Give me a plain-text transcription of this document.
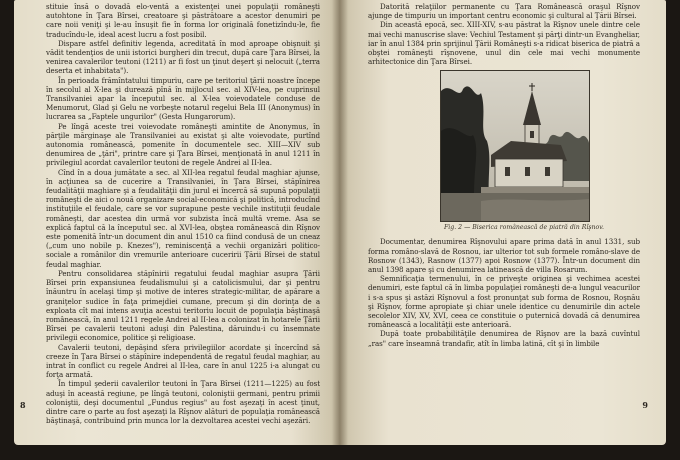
stituie însă o dovadă elo-ventă a existenţei unei populaţii româneşti autohtone în Ţara Bîrsei, creatoare şi păstrătoare a acestor denumiri pe care noii veniţi şi le-au însuşit fie în forma lor originală fonetizîndu-le, fie traducîndu-le, ideal acest lucru a fost posibil.

Dispare astfel definitiv legenda, acreditată în mod aproape obişnuit şi vădit tendenţios de unii istorici burgheri din trecut, după care Ţara Bîrsei, la venirea cavalerilor teutoni (1211) ar fi fost un ţinut deşert şi nelocuit („terra deserta et inhabitata").

În perioada frămîntatului timpuriu, care pe teritoriul ţării noastre începe în secolul al X-lea şi durează pînă în mijlocul sec. al XIV-lea, pe cuprinsul Transilvaniei apar la începutul sec. al X-lea voievodatele conduse de Menumorut, Glad şi Gelu ne vorbeşte notarul regelui Bela III (Anonymus) în lucrarea sa „Faptele ungurilor" (Gesta Hungarorum).

Pe lîngă aceste trei voievodate româneşti amintite de Anonymus, în părţile mărginaşe ale Transilvaniei au existat şi alte voievodate, purtînd autonomia românească, pomenite în documentele sec. XIII—XIV sub denumirea de „ţări", printre care şi Ţara Bîrsei, menţionată în anul 1211 în privilegiul acordat cavalerilor teutoni de regele Andrei al II-lea.

Cînd în a doua jumătate a sec. al XII-lea regatul feudal maghiar ajunse, în acţiunea sa de cucerire a Transilvaniei, în Ţara Bîrsei, stăpînirea feudalităţii maghiare şi a feudalităţii din jurul ei încercă să supună populaţii româneşti de aici o nouă organizare social-economică şi politică, introducînd instituţiile el feudale, care se vor suprapune peste vechile instituţii feudale româneşti, dar acestea din urmă vor subzista încă multă vreme. Asa se explică faptul că la începutul sec. al XVI-lea, obştea românească din Rîşnov este pomenită într-un document din anul 1510 ca fiind condusă de un cneaz („cum uno nobile p. Knezes"), reminiscenţă a vechii organizări politico-sociale a românilor din vremurile anterioare cuceririi Ţării Bîrsei de statul feudal maghiar.

Pentru consolidarea stăpînirii regatului feudal maghiar asupra Ţării Bîrsei prin expansiunea feudalismului şi a catolicismului, dar şi pentru înăuntru în acelaşi timp şi motive de interes strategic-militar, de apărare a graniţelor sudice în faţa primejdiei cumane, precum şi din dorinţa de a exploata cît mai intens avuţia acestui teritoriu locuit de populaţia băştinaşă românească, în anul 1211 regele Andrei al II-lea a colonizat în hotarele Ţării Bîrsei pe cavalerii teutoni aduşi din Palestina, dăruindu-i cu însemnate privilegii economice, politice şi religioase.

Cavalerii teutoni, depăşind sfera privilegiilor acordate şi încercînd să creeze în Ţara Bîrsei o stăpînire independentă de regatul feudal maghiar, au intrat în conflict cu regele Andrei al II-lea, care în anul 1225 i-a alungat cu forţa armată.

În timpul şederii cavalerilor teutoni în Ţara Bîrsei (1211—1225) au fost aduşi în această regiune, pe lîngă teutoni, coloniştii germani, pentru primii coloniştii, deşi documentul „Fundus regius" au fost aşezaţi în acest ţinut, dintre care o parte au fost aşezaţi la Rîşnov alături de populaţia românească băştinaşă, contribuind prin munca lor la dezvoltarea acestei vechi aşezări.

8

Datorită relaţiilor permanente cu Ţara Românească oraşul Rîşnov ajunge de timpuriu un important centru economic şi cultural al Ţării Bîrsei.

Din această epocă, sec. XIII-XIV, s-au păstrat la Rîşnov unele dintre cele mai vechi manuscrise slave: Vechiul Testament şi părţi dintr-un Evangheliar, iar în anul 1384 prin sprijinul Ţării Româneşti s-a ridicat biserica de piatră a obştei româneşti rîşnovene, unul din cele mai vechi monumente arhitectonice din Ţara Bîrsei.

Fig. 2 — Biserica românească de piatră din Rîşnov.

Documentar, denumirea Rîşnovului apare prima dată în anul 1331, sub forma româno-slavă de Rosnou, iar ulterior tot sub formele româno-slave de Rosnow (1343), Rasnow (1377) apoi Rosnow (1377). Într-un document din anul 1398 apare şi cu denumirea latinească de villa Rosarum.

Semnificaţia termenului, în ce priveşte originea şi vechimea acestei denumiri, este faptul că în limba populaţiei româneşti de-a lungul veacurilor i s-a spus şi astăzi Rîşnovul a fost pronunţat sub forma de Rosnou, Roşnău şi Rîşnov, forme apropiate şi chiar unele identice cu denumirile din actele secolelor XIV, XV, XVI, ceea ce constituie o puternică dovadă că denumirea românească a localităţii este anterioară.

După toate probabilităţile denumirea de Rîşnov are la bază cuvîntul „ras" care înseamnă trandafir, atît în limba latină, cît şi în limbile

9
